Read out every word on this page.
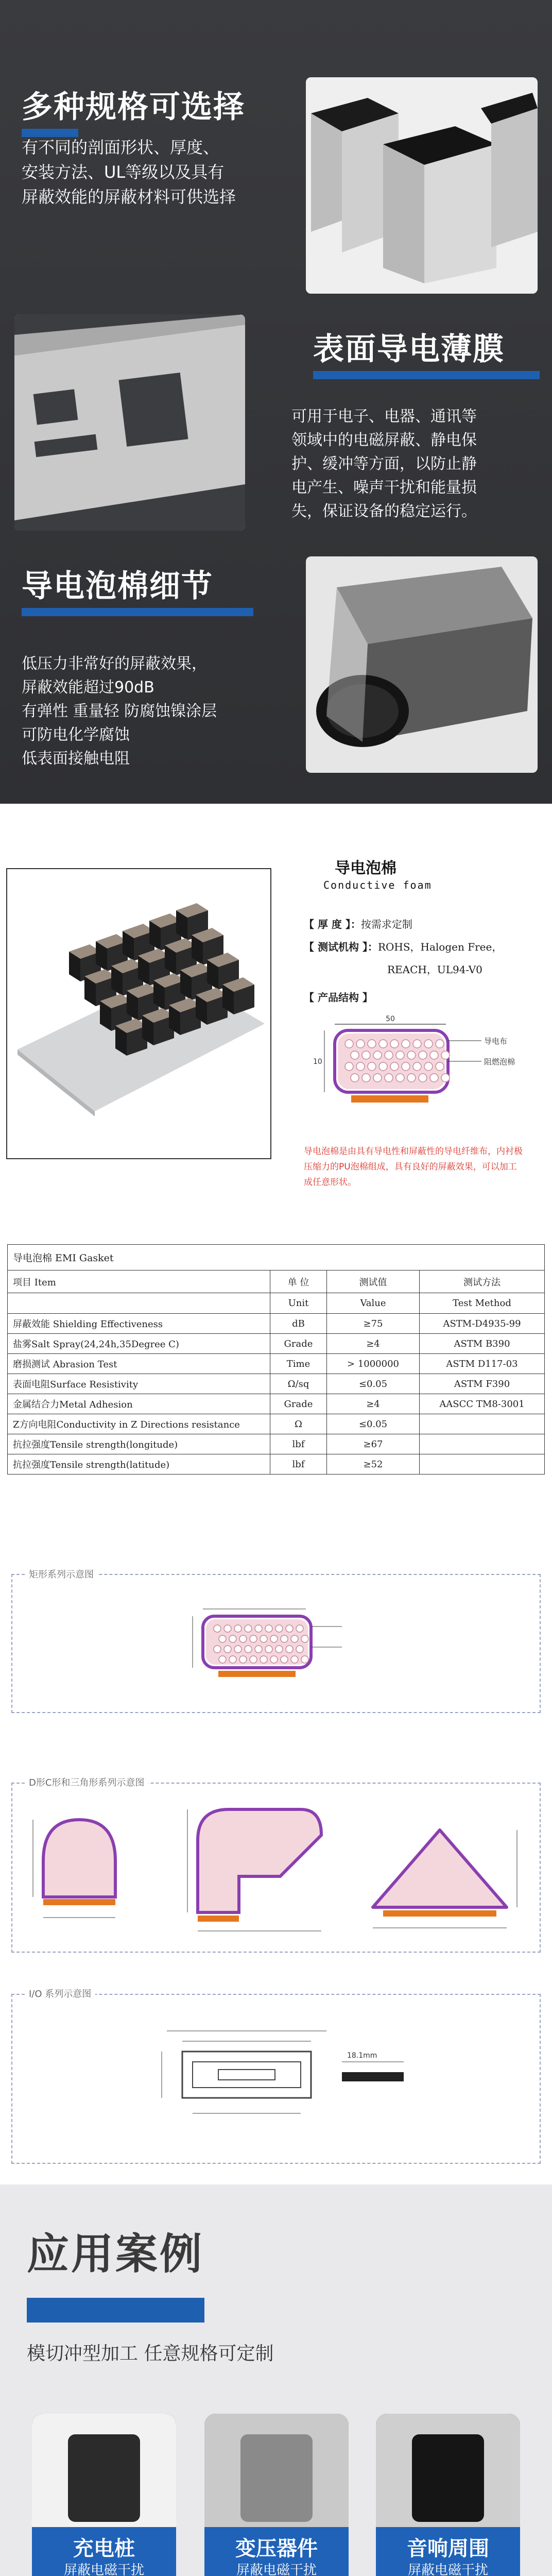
多种规格可选择
有不同的剖面形状、厚度、
安装方法、UL等级以及具有
屏蔽效能的屏蔽材料可供选择
表面导电薄膜
可用于电子、电器、通讯等
领域中的电磁屏蔽、静电保
护、缓冲等方面，以防止静
电产生、噪声干扰和能量损
失，保证设备的稳定运行。
导电泡棉细节
低压力非常好的屏蔽效果，
屏蔽效能超过90dB
有弹性 重量轻 防腐蚀镍涂层
可防电化学腐蚀
低表面接触电阻
导电泡棉
Conductive foam
【 厚 度 】：按需求定制
【 测试机构 】：ROHS，Halogen Free，
REACH，UL94-V0
【 产品结构 】
50
导电布
阻燃泡棉
10
导电泡棉是由具有导电性和屏蔽性的导电纤维布，内衬极压缩力的PU泡棉组成，具有良好的屏蔽效果，可以加工成任意形状。
导电泡棉 EMI Gasket			
项目 Item	单 位	测试值	测试方法
	Unit	Value	Test Method
屏蔽效能 Shielding Effectiveness	dB	≥75	ASTM-D4935-99
盐雾Salt Spray(24,24h,35Degree C)	Grade	≥4	ASTM B390
磨损测试 Abrasion Test	Time	> 1000000	ASTM D117-03
表面电阻Surface Resistivity	Ω/sq	≤0.05	ASTM F390
金属结合力Metal Adhesion	Grade	≥4	AASCC TM8-3001
Z方向电阻Conductivity in Z Directions resistance	Ω	≤0.05	
抗拉强度Tensile strength(longitude)	lbf	≥67	
抗拉强度Tensile strength(latitude)	lbf	≥52	
矩形系列示意图
D形C形和三角形系列示意图
18.1mm
I/O 系列示意图
应用案例
模切冲型加工 任意规格可定制
充电桩
屏蔽电磁干扰
变压器件
屏蔽电磁干扰
音响周围
屏蔽电磁干扰
